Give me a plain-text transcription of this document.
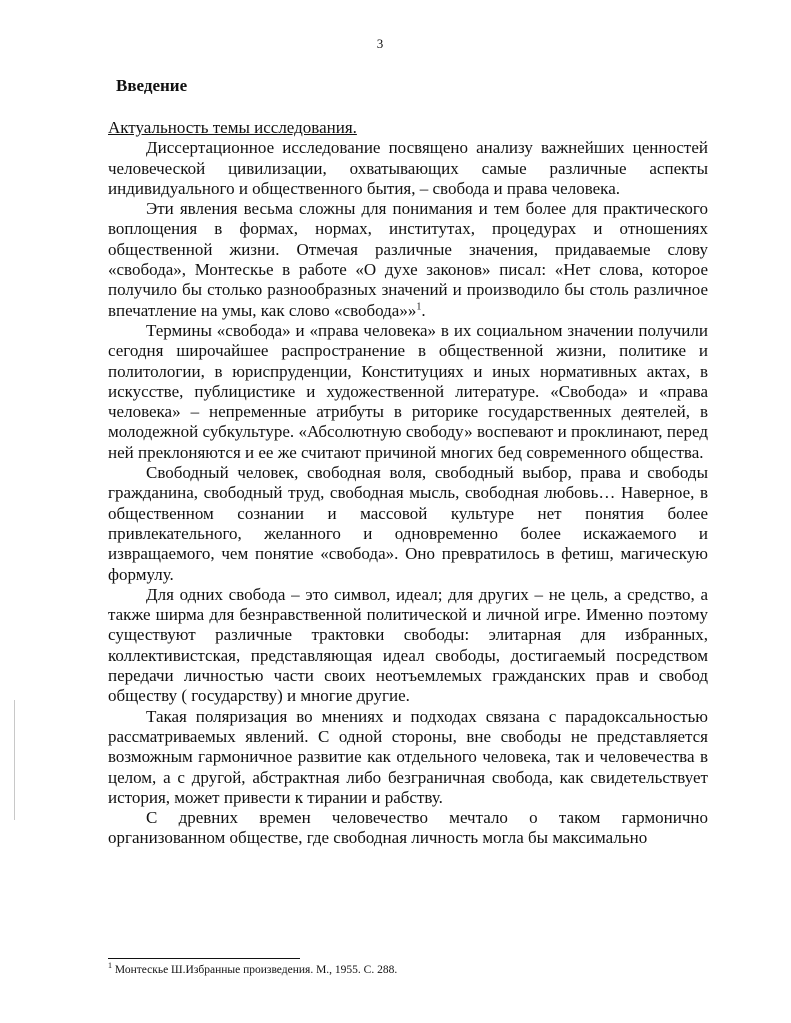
3
Введение
Актуальность темы исследования.

Диссертационное исследование посвящено анализу важнейших ценностей человеческой цивилизации, охватывающих самые различные аспекты индивидуального и общественного бытия, – свобода и права человека.

Эти явления весьма сложны для понимания и тем более для практического воплощения в формах, нормах, институтах, процедурах и отношениях общественной жизни. Отмечая различные значения, придаваемые слову «свобода», Монтескье в работе «О духе законов» писал: «Нет слова, которое получило бы столько разнообразных значений и производило бы столь различное впечатление на умы, как слово «свобода»»$^1$.

Термины «свобода» и «права человека» в их социальном значении получили сегодня широчайшее распространение в общественной жизни, политике и политологии, в юриспруденции, Конституциях и иных нормативных актах, в искусстве, публицистике и художественной литературе. «Свобода» и «права человека» – непременные атрибуты в риторике государственных деятелей, в молодежной субкультуре. «Абсолютную свободу» воспевают и проклинают, перед ней преклоняются и ее же считают причиной многих бед современного общества.

Свободный человек, свободная воля, свободный выбор, права и свободы гражданина, свободный труд, свободная мысль, свободная любовь… Наверное, в общественном сознании и массовой культуре нет понятия более привлекательного, желанного и одновременно более искажаемого и извращаемого, чем понятие «свобода». Оно превратилось в фетиш, магическую формулу.

Для одних свобода – это символ, идеал; для других – не цель, а средство, а также ширма для безнравственной политической и личной игре. Именно поэтому существуют различные трактовки свободы: элитарная для избранных, коллективистская, представляющая идеал свободы, достигаемый посредством передачи личностью части своих неотъемлемых гражданских прав и свобод обществу ( государству) и многие другие.

Такая поляризация во мнениях и подходах связана с парадоксальностью рассматриваемых явлений. С одной стороны, вне свободы не представляется возможным гармоничное развитие как отдельного человека, так и человечества в целом, а с другой, абстрактная либо безграничная свобода, как свидетельствует история, может привести к тирании и рабству.

С древних времен человечество мечтало о таком гармонично организованном обществе, где свободная личность могла бы максимально

$^1$ Монтескье Ш.Избранные произведения. М., 1955. С. 288.
